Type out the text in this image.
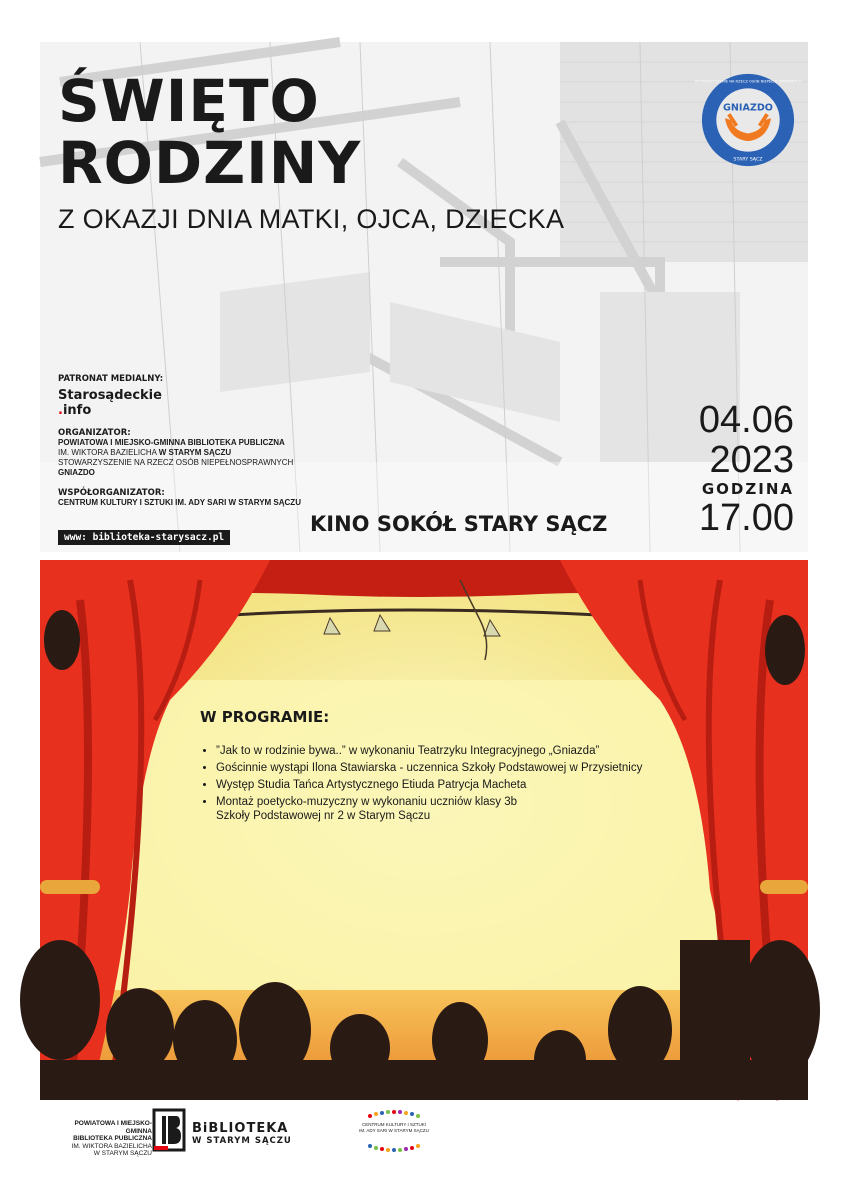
ŚWIĘTO
RODZINY
Z OKAZJI DNIA MATKI, OJCA, DZIECKA
GNIAZDO
STARY SĄCZ
STOWARZYSZENIE NA RZECZ OSÓB NIEPEŁNOSPRAWNYCH
PATRONAT MEDIALNY:
Starosądeckie
.info
ORGANIZATOR:
POWIATOWA I MIEJSKO-GMINNA BIBLIOTEKA PUBLICZNA
IM. WIKTORA BAZIELICHA W STARYM SĄCZU
STOWARZYSZENIE NA RZECZ OSÓB NIEPEŁNOSPRAWNYCH
GNIAZDO
WSPÓŁORGANIZATOR:
CENTRUM KULTURY I SZTUKI IM. ADY SARI W STARYM SĄCZU
www: biblioteka-starysacz.pl
KINO SOKÓŁ STARY SĄCZ
04.06
2023
GODZINA
17.00
W PROGRAMIE:
• ”Jak to w rodzinie bywa..” w wykonaniu Teatrzyku Integracyjnego „Gniazda”
• Gościnnie wystąpi Ilona Stawiarska - uczennica Szkoły Podstawowej w Przysietnicy
• Występ Studia Tańca Artystycznego Etiuda Patrycja Macheta
• Montaż poetycko-muzyczny w wykonaniu uczniów klasy 3b
Szkoły Podstawowej nr 2 w Starym Sączu
POWIATOWA I MIEJSKO-GMINNA
BIBLIOTEKA PUBLICZNA
IM. WIKTORA BAZIELICHA
W STARYM SĄCZU
BiBLIOTEKA
W STARYM SĄCZU
CENTRUM KULTURY I SZTUKI
IM. ADY SARI W STARYM SĄCZU
